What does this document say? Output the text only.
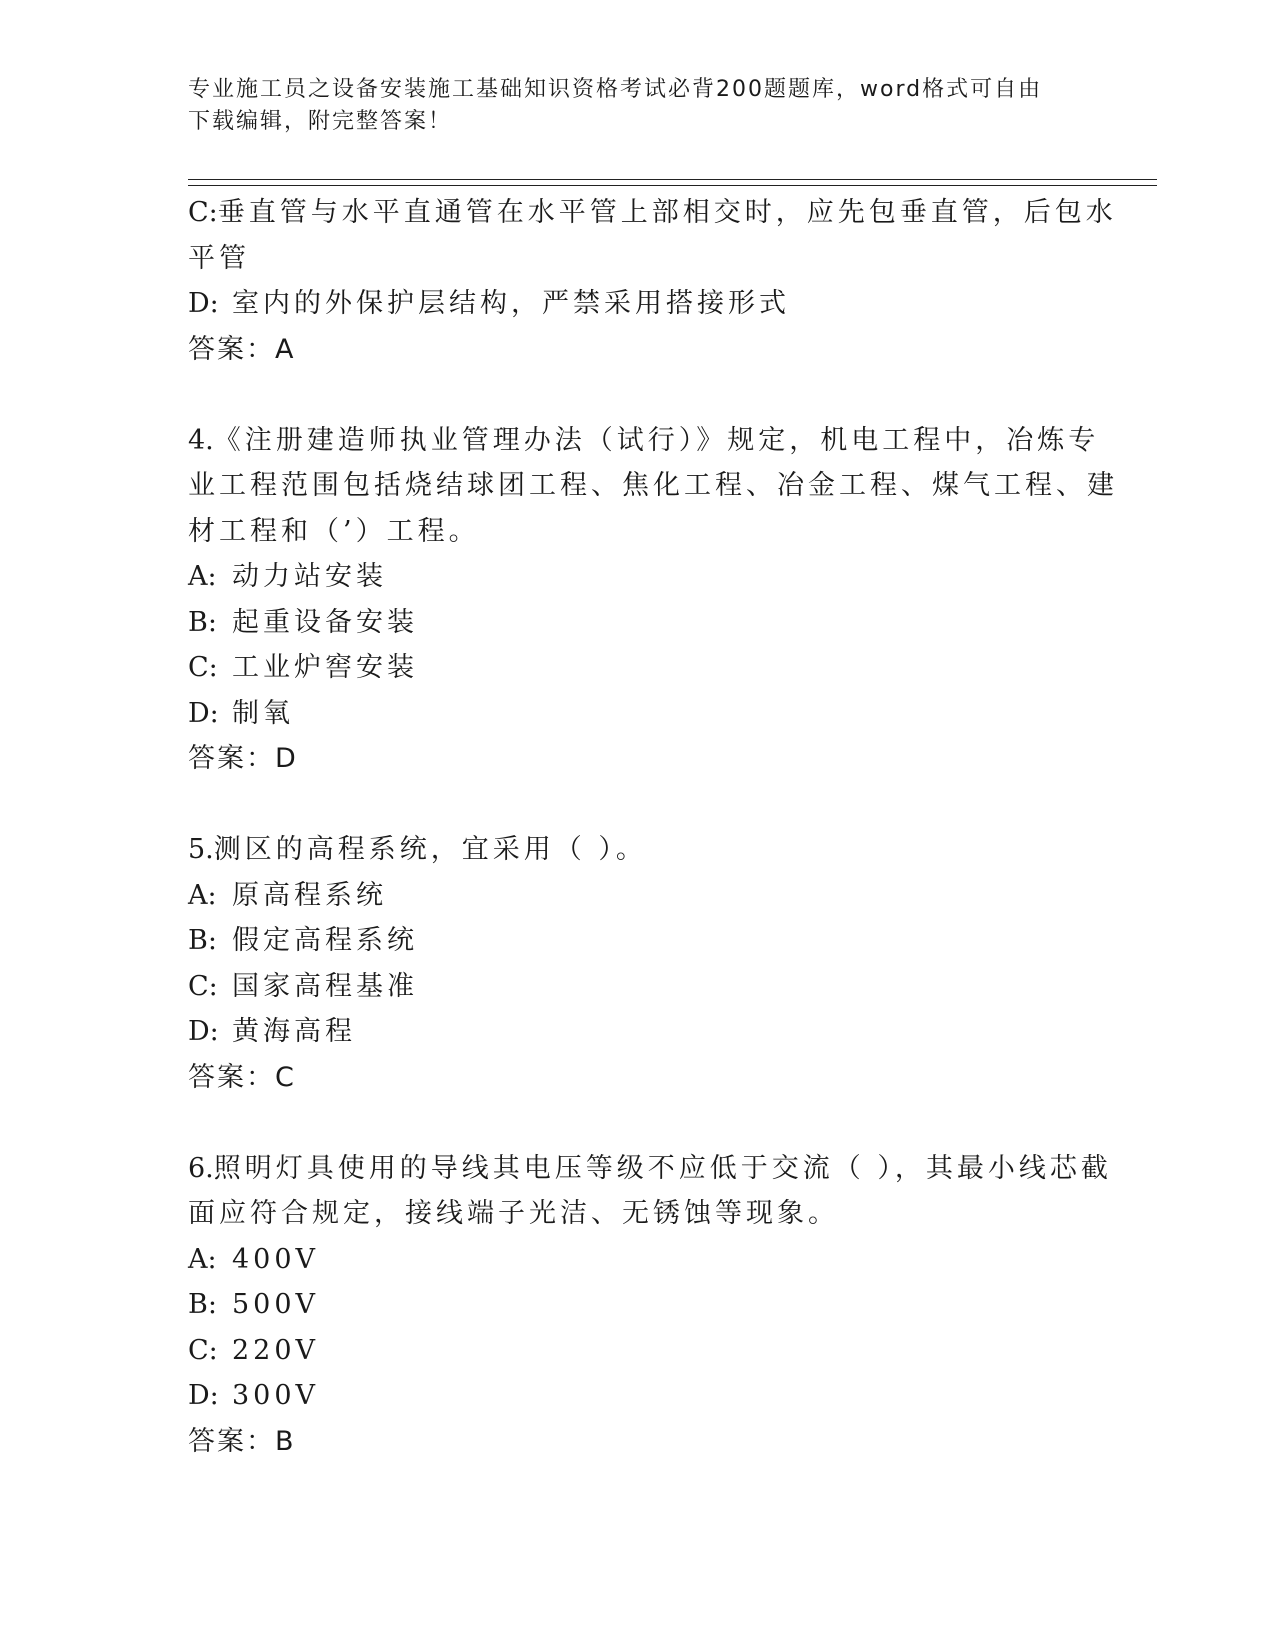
专业施工员之设备安装施工基础知识资格考试必背200题题库，word格式可自由
下载编辑，附完整答案！
C: 垂直管与水平直通管在水平管上部相交时，应先包垂直管，后包水
平管
D: 室内的外保护层结构，严禁采用搭接形式
答案：A
4.《注册建造师执业管理办法（试行）》规定，机电工程中，冶炼专
业工程范围包括烧结球团工程、焦化工程、冶金工程、煤气工程、建
材工程和（’）工程。
A: 动力站安装
B: 起重设备安装
C: 工业炉窖安装
D: 制氧
答案：D
5.测区的高程系统，宜采用（ ）。
A: 原高程系统
B: 假定高程系统
C: 国家高程基准
D: 黄海高程
答案：C
6.照明灯具使用的导线其电压等级不应低于交流（ ），其最小线芯截
面应符合规定，接线端子光洁、无锈蚀等现象。
A: 400V
B: 500V
C: 220V
D: 300V
答案：B
